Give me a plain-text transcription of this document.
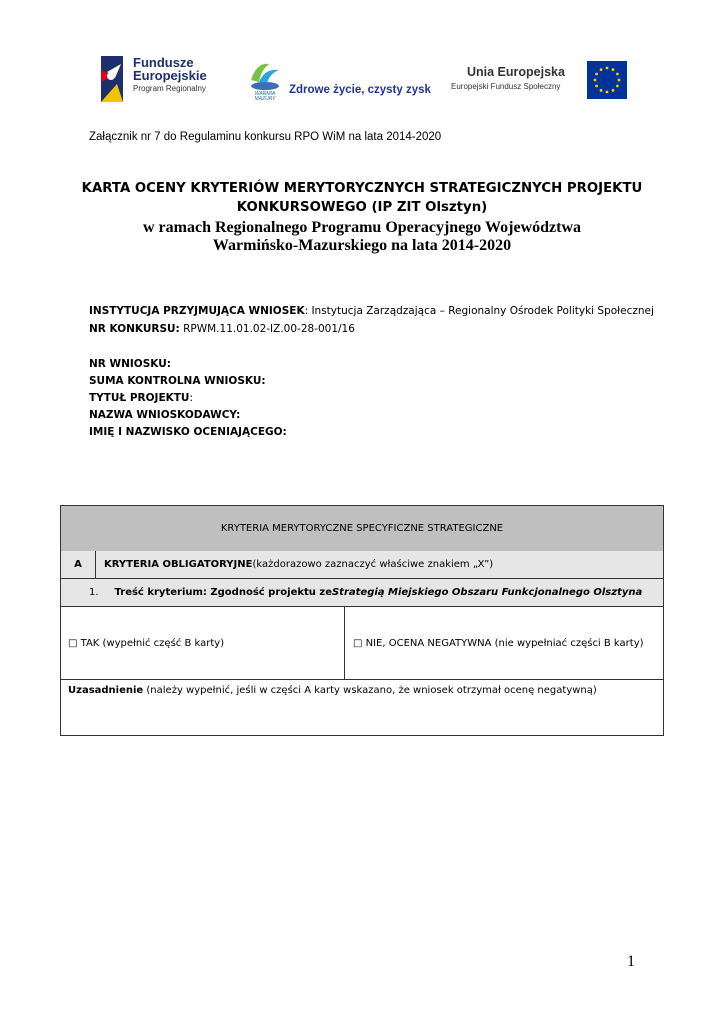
Fundusze
Europejskie
Program Regionalny
WARMIA MAZURY
Zdrowe życie, czysty zysk
Unia Europejska
Europejski Fundusz Społeczny
Załącznik nr 7 do Regulaminu konkursu RPO WiM na lata 2014-2020
KARTA OCENY KRYTERIÓW MERYTORYCZNYCH STRATEGICZNYCH PROJEKTU
KONKURSOWEGO (IP ZIT Olsztyn)
w ramach Regionalnego Programu Operacyjnego Województwa
Warmińsko-Mazurskiego na lata 2014-2020
INSTYTUCJA PRZYJMUJĄCA WNIOSEK: Instytucja Zarządzająca – Regionalny Ośrodek Polityki Społecznej
NR KONKURSU: RPWM.11.01.02-IZ.00-28-001/16
NR WNIOSKU:
SUMA KONTROLNA WNIOSKU:
TYTUŁ PROJEKTU:
NAZWA WNIOSKODAWCY:
IMIĘ I NAZWISKO OCENIAJĄCEGO:
KRYTERIA MERYTORYCZNE SPECYFICZNE STRATEGICZNE
A	KRYTERIA OBLIGATORYJNE (każdorazowo zaznaczyć właściwe znakiem „X”)
1. Treść kryterium: Zgodność projektu ze Strategią Miejskiego Obszaru Funkcjonalnego Olsztyna
□ TAK (wypełnić część B karty)	□ NIE, OCENA NEGATYWNA (nie wypełniać części B karty)
Uzasadnienie (należy wypełnić, jeśli w części A karty wskazano, że wniosek otrzymał ocenę negatywną)
1
